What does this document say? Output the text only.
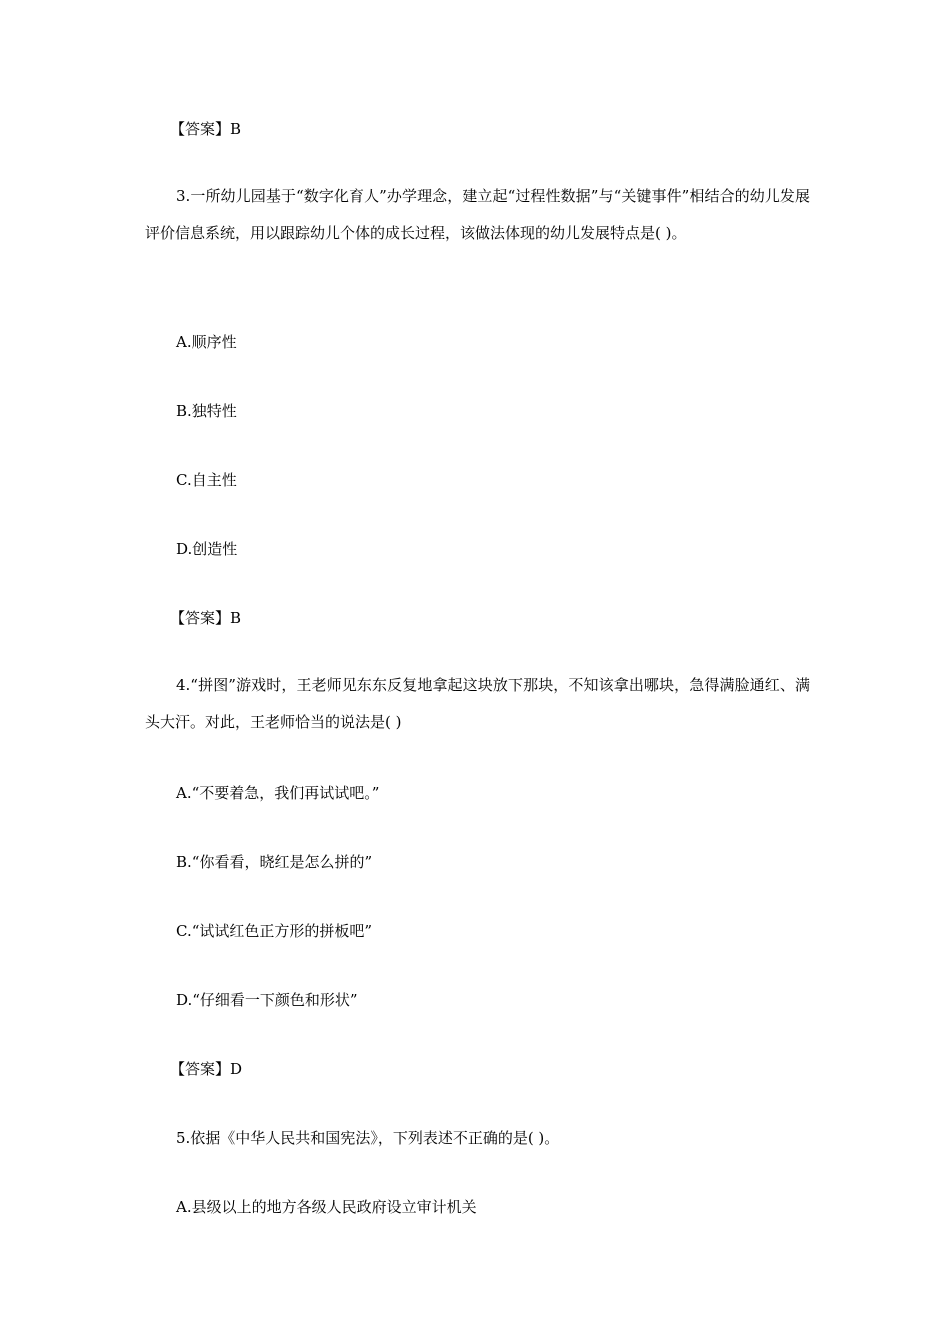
【答案】B
3.一所幼儿园基于“数字化育人”办学理念，建立起“过程性数据”与“关键事件”相结合的幼儿发展评价信息系统，用以跟踪幼儿个体的成长过程，该做法体现的幼儿发展特点是( )。
A.顺序性
B.独特性
C.自主性
D.创造性
【答案】B
4.“拼图”游戏时，王老师见东东反复地拿起这块放下那块，不知该拿出哪块，急得满脸通红、满头大汗。对此，王老师恰当的说法是( )
A.“不要着急，我们再试试吧。”
B.“你看看，晓红是怎么拼的”
C.“试试红色正方形的拼板吧”
D.“仔细看一下颜色和形状”
【答案】D
5.依据《中华人民共和国宪法》，下列表述不正确的是( )。
A.县级以上的地方各级人民政府设立审计机关
